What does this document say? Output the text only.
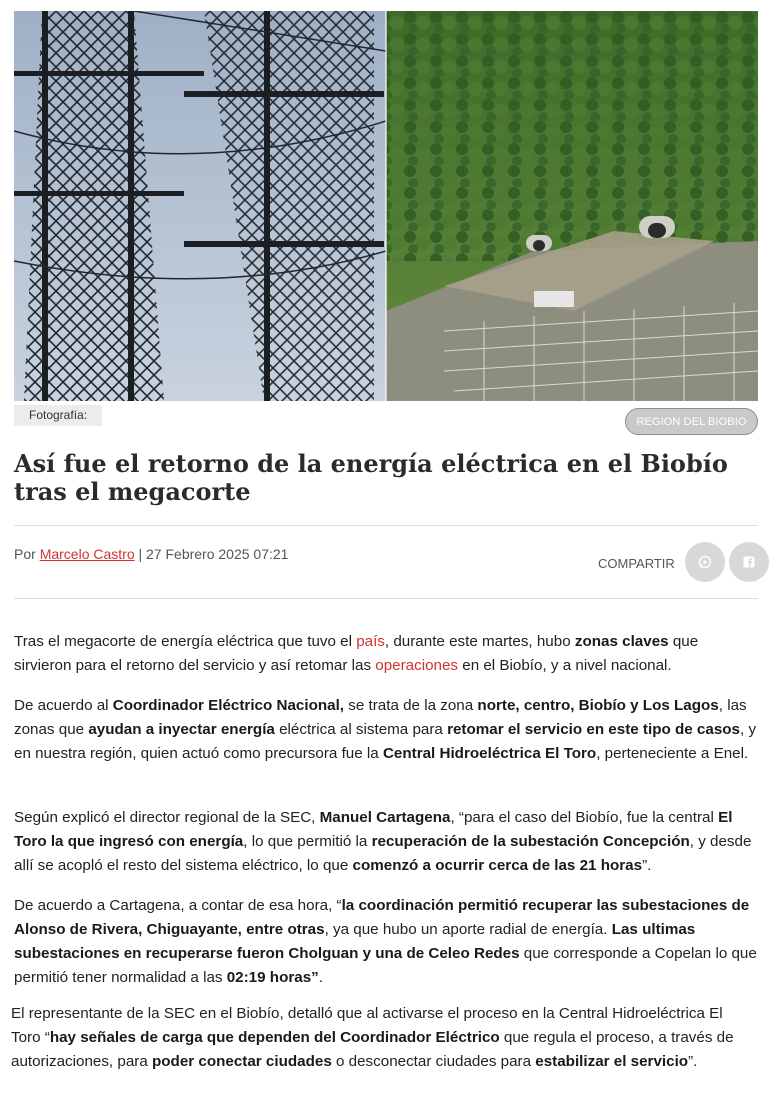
Fotografía:	REGION DEL BIOBIO
Así fue el retorno de la energía eléctrica en el Biobío tras el megacorte
Por Marcelo Castro | 27 Febrero 2025 07:21
COMPARTIR

Tras el megacorte de energía eléctrica que tuvo el país, durante este martes, hubo zonas claves que sirvieron para el retorno del servicio y así retomar las operaciones en el Biobío, y a nivel nacional.

De acuerdo al Coordinador Eléctrico Nacional, se trata de la zona norte, centro, Biobío y Los Lagos, las zonas que ayudan a inyectar energía eléctrica al sistema para retomar el servicio en este tipo de casos, y en nuestra región, quien actuó como precursora fue la Central Hidroeléctrica El Toro, perteneciente a Enel.

Según explicó el director regional de la SEC, Manuel Cartagena, “para el caso del Biobío, fue la central El Toro la que ingresó con energía, lo que permitió la recuperación de la subestación Concepción, y desde allí se acopló el resto del sistema eléctrico, lo que comenzó a ocurrir cerca de las 21 horas”.

De acuerdo a Cartagena, a contar de esa hora, “la coordinación permitió recuperar las subestaciones de Alonso de Rivera, Chiguayante, entre otras, ya que hubo un aporte radial de energía. Las ultimas subestaciones en recuperarse fueron Cholguan y una de Celeo Redes que corresponde a Copelan lo que permitió tener normalidad a las 02:19 horas”.

El representante de la SEC en el Biobío, detalló que al activarse el proceso en la Central Hidroeléctrica El Toro “hay señales de carga que dependen del Coordinador Eléctrico que regula el proceso, a través de autorizaciones, para poder conectar ciudades o desconectar ciudades para estabilizar el servicio”.
